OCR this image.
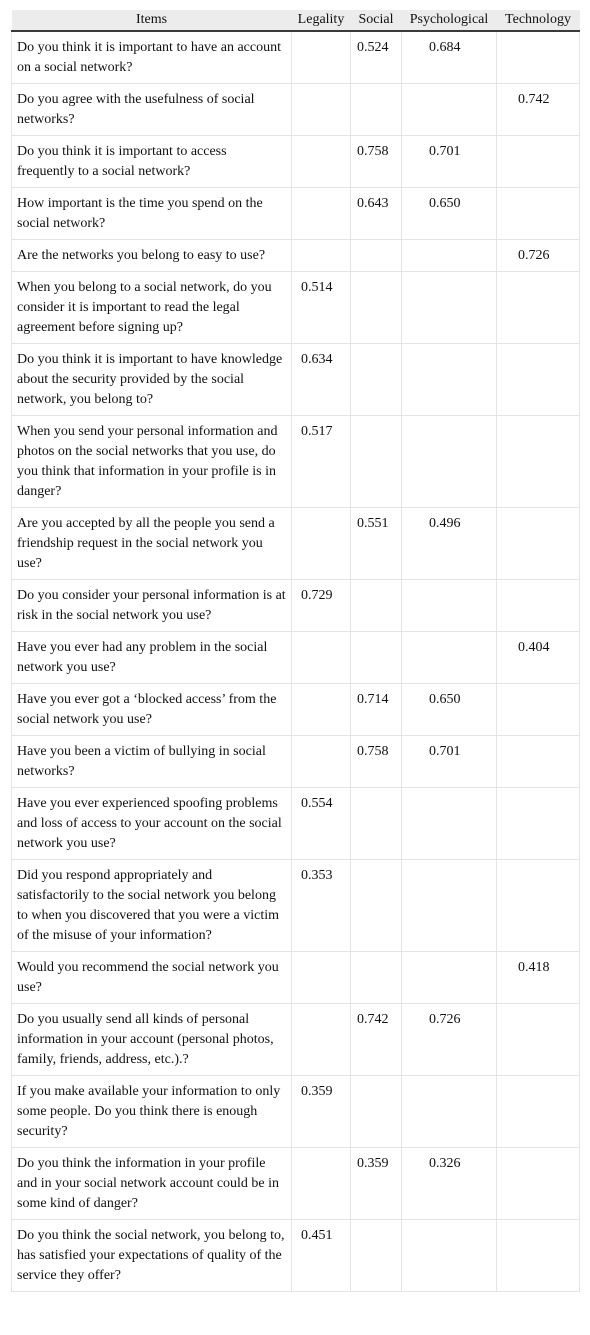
Items	Legality	Social	Psychological	Technology
Do you think it is important to have an account on a social network?		0.524	0.684	
Do you agree with the usefulness of social networks?				0.742
Do you think it is important to access frequently to a social network?		0.758	0.701	
How important is the time you spend on the social network?		0.643	0.650	
Are the networks you belong to easy to use?				0.726
When you belong to a social network, do you consider it is important to read the legal agreement before signing up?	0.514			
Do you think it is important to have knowledge about the security provided by the social network, you belong to?	0.634			
When you send your personal information and photos on the social networks that you use, do you think that information in your profile is in danger?	0.517			
Are you accepted by all the people you send a friendship request in the social network you use?		0.551	0.496	
Do you consider your personal information is at risk in the social network you use?	0.729			
Have you ever had any problem in the social network you use?				0.404
Have you ever got a ‘blocked access’ from the social network you use?		0.714	0.650	
Have you been a victim of bullying in social networks?		0.758	0.701	
Have you ever experienced spoofing problems and loss of access to your account on the social network you use?	0.554			
Did you respond appropriately and satisfactorily to the social network you belong to when you discovered that you were a victim of the misuse of your information?	0.353			
Would you recommend the social network you use?				0.418
Do you usually send all kinds of personal information in your account (personal photos, family, friends, address, etc.).?		0.742	0.726	
If you make available your information to only some people. Do you think there is enough security?	0.359			
Do you think the information in your profile and in your social network account could be in some kind of danger?		0.359	0.326	
Do you think the social network, you belong to, has satisfied your expectations of quality of the service they offer?	0.451			
